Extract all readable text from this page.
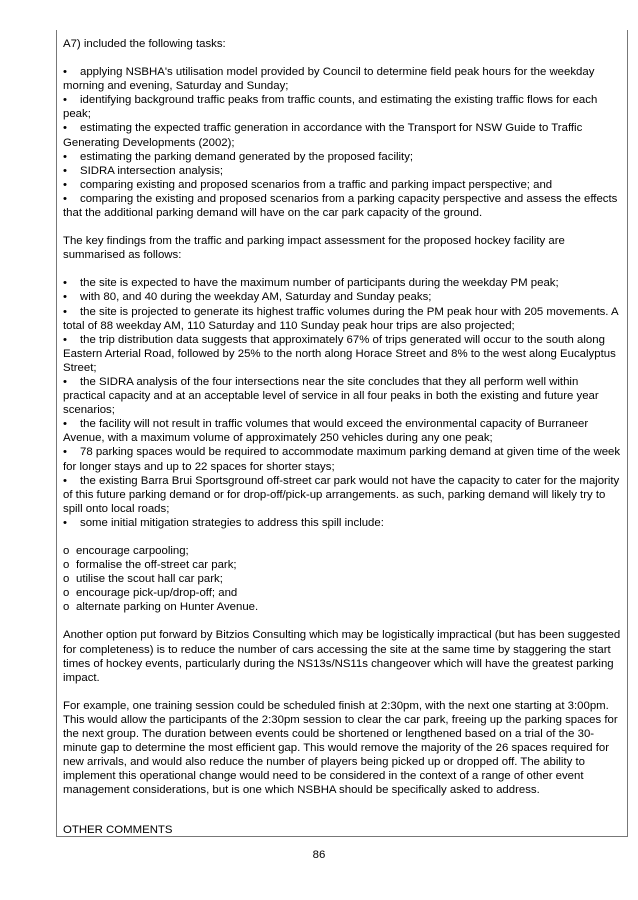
A7) included the following tasks:

• applying NSBHA's utilisation model provided by Council to determine field peak hours for the weekday morning and evening, Saturday and Sunday;
• identifying background traffic peaks from traffic counts, and estimating the existing traffic flows for each peak;
• estimating the expected traffic generation in accordance with the Transport for NSW Guide to Traffic Generating Developments (2002);
• estimating the parking demand generated by the proposed facility;
• SIDRA intersection analysis;
• comparing existing and proposed scenarios from a traffic and parking impact perspective; and
• comparing the existing and proposed scenarios from a parking capacity perspective and assess the effects that the additional parking demand will have on the car park capacity of the ground.

The key findings from the traffic and parking impact assessment for the proposed hockey facility are summarised as follows:

• the site is expected to have the maximum number of participants during the weekday PM peak;
• with 80, and 40 during the weekday AM, Saturday and Sunday peaks;
• the site is projected to generate its highest traffic volumes during the PM peak hour with 205 movements. A total of 88 weekday AM, 110 Saturday and 110 Sunday peak hour trips are also projected;
• the trip distribution data suggests that approximately 67% of trips generated will occur to the south along Eastern Arterial Road, followed by 25% to the north along Horace Street and 8% to the west along Eucalyptus Street;
• the SIDRA analysis of the four intersections near the site concludes that they all perform well within practical capacity and at an acceptable level of service in all four peaks in both the existing and future year scenarios;
• the facility will not result in traffic volumes that would exceed the environmental capacity of Burraneer Avenue, with a maximum volume of approximately 250 vehicles during any one peak;
• 78 parking spaces would be required to accommodate maximum parking demand at given time of the week for longer stays and up to 22 spaces for shorter stays;
• the existing Barra Brui Sportsground off-street car park would not have the capacity to cater for the majority of this future parking demand or for drop-off/pick-up arrangements. as such, parking demand will likely try to spill onto local roads;
• some initial mitigation strategies to address this spill include:
o encourage carpooling;
o formalise the off-street car park;
o utilise the scout hall car park;
o encourage pick-up/drop-off; and
o alternate parking on Hunter Avenue.

Another option put forward by Bitzios Consulting which may be logistically impractical (but has been suggested for completeness) is to reduce the number of cars accessing the site at the same time by staggering the start times of hockey events, particularly during the NS13s/NS11s changeover which will have the greatest parking impact.

For example, one training session could be scheduled finish at 2:30pm, with the next one starting at 3:00pm. This would allow the participants of the 2:30pm session to clear the car park, freeing up the parking spaces for the next group. The duration between events could be shortened or lengthened based on a trial of the 30-minute gap to determine the most efficient gap. This would remove the majority of the 26 spaces required for new arrivals, and would also reduce the number of players being picked up or dropped off. The ability to implement this operational change would need to be considered in the context of a range of other event management considerations, but is one which NSBHA should be specifically asked to address.

OTHER COMMENTS
86
